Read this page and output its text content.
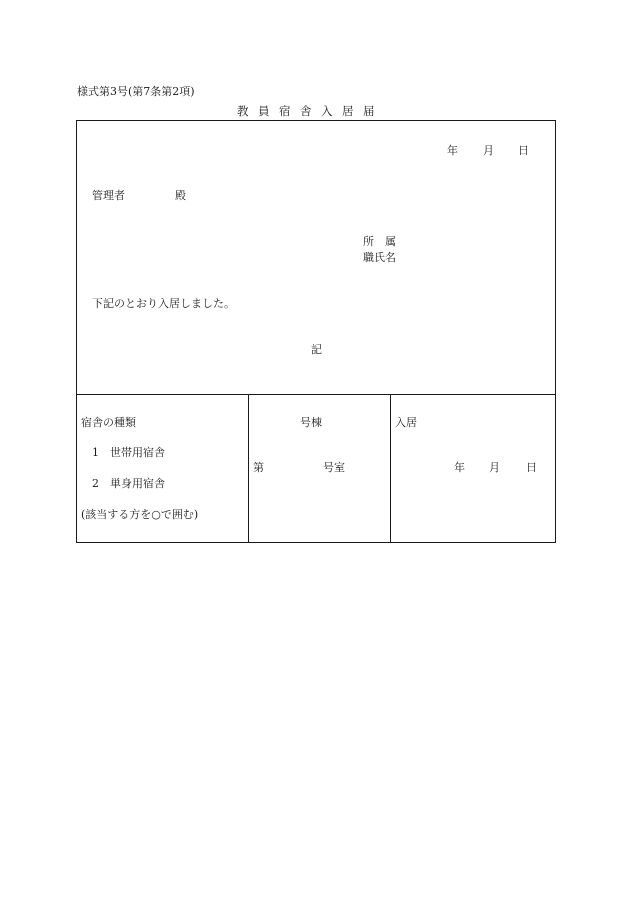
様式第3号(第7条第2項)
教員宿舎入居届
年 月 日
管理者	殿
所　属
職氏名
下記のとおり入居しました。
記
宿舎の種類
1　世帯用宿舎
2　単身用宿舎
(該当する方を○で囲む)
号棟
第	号室
入居
年 月 日
